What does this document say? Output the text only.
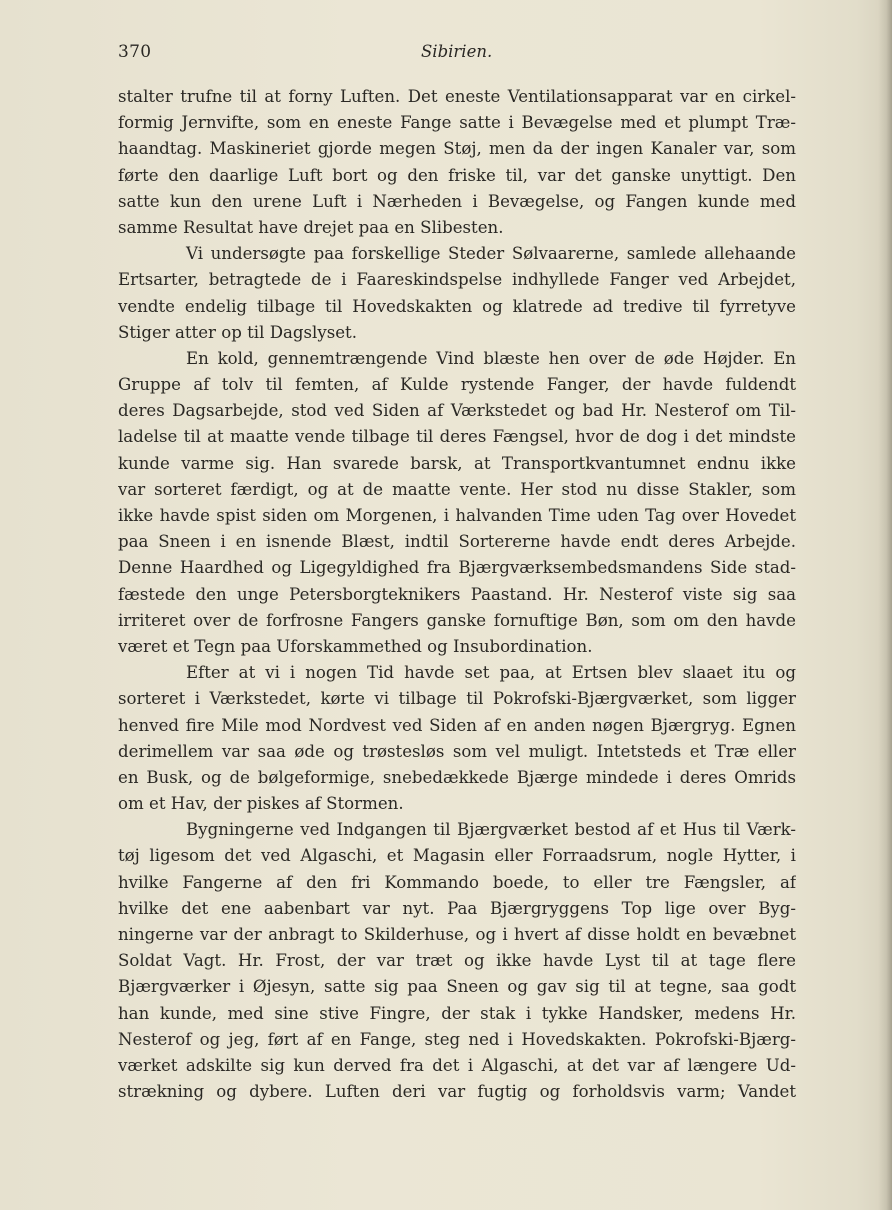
370	Sibirien.
stalter trufne til at forny Luften. Det eneste Ventilationsapparat var en cirkel-
formig Jernvifte, som en eneste Fange satte i Bevægelse med et plumpt Træ-
haandtag. Maskineriet gjorde megen Støj, men da der ingen Kanaler var, som
førte den daarlige Luft bort og den friske til, var det ganske unyttigt. Den
satte kun den urene Luft i Nærheden i Bevægelse, og Fangen kunde med
samme Resultat have drejet paa en Slibesten.
Vi undersøgte paa forskellige Steder Sølvaarerne, samlede allehaande
Ertsarter, betragtede de i Faareskindspelse indhyllede Fanger ved Arbejdet,
vendte endelig tilbage til Hovedskakten og klatrede ad tredive til fyrretyve
Stiger atter op til Dagslyset.
En kold, gennemtrængende Vind blæste hen over de øde Højder. En
Gruppe af tolv til femten, af Kulde rystende Fanger, der havde fuldendt
deres Dagsarbejde, stod ved Siden af Værkstedet og bad Hr. Nesterof om Til-
ladelse til at maatte vende tilbage til deres Fængsel, hvor de dog i det mindste
kunde varme sig. Han svarede barsk, at Transportkvantumnet endnu ikke
var sorteret færdigt, og at de maatte vente. Her stod nu disse Stakler, som
ikke havde spist siden om Morgenen, i halvanden Time uden Tag over Hovedet
paa Sneen i en isnende Blæst, indtil Sortererne havde endt deres Arbejde.
Denne Haardhed og Ligegyldighed fra Bjærgværksembedsmandens Side stad-
fæstede den unge Petersborgteknikers Paastand. Hr. Nesterof viste sig saa
irriteret over de forfrosne Fangers ganske fornuftige Bøn, som om den havde
været et Tegn paa Uforskammethed og Insubordination.
Efter at vi i nogen Tid havde set paa, at Ertsen blev slaaet itu og
sorteret i Værkstedet, kørte vi tilbage til Pokrofski-Bjærgværket, som ligger
henved fire Mile mod Nordvest ved Siden af en anden nøgen Bjærgryg. Egnen
derimellem var saa øde og trøstesløs som vel muligt. Intetsteds et Træ eller
en Busk, og de bølgeformige, snebedækkede Bjærge mindede i deres Omrids
om et Hav, der piskes af Stormen.
Bygningerne ved Indgangen til Bjærgværket bestod af et Hus til Værk-
tøj ligesom det ved Algaschi, et Magasin eller Forraadsrum, nogle Hytter, i
hvilke Fangerne af den fri Kommando boede, to eller tre Fængsler, af
hvilke det ene aabenbart var nyt. Paa Bjærgryggens Top lige over Byg-
ningerne var der anbragt to Skilderhuse, og i hvert af disse holdt en bevæbnet
Soldat Vagt. Hr. Frost, der var træt og ikke havde Lyst til at tage flere
Bjærgværker i Øjesyn, satte sig paa Sneen og gav sig til at tegne, saa godt
han kunde, med sine stive Fingre, der stak i tykke Handsker, medens Hr.
Nesterof og jeg, ført af en Fange, steg ned i Hovedskakten. Pokrofski-Bjærg-
værket adskilte sig kun derved fra det i Algaschi, at det var af længere Ud-
strækning og dybere. Luften deri var fugtig og forholdsvis varm; Vandet
